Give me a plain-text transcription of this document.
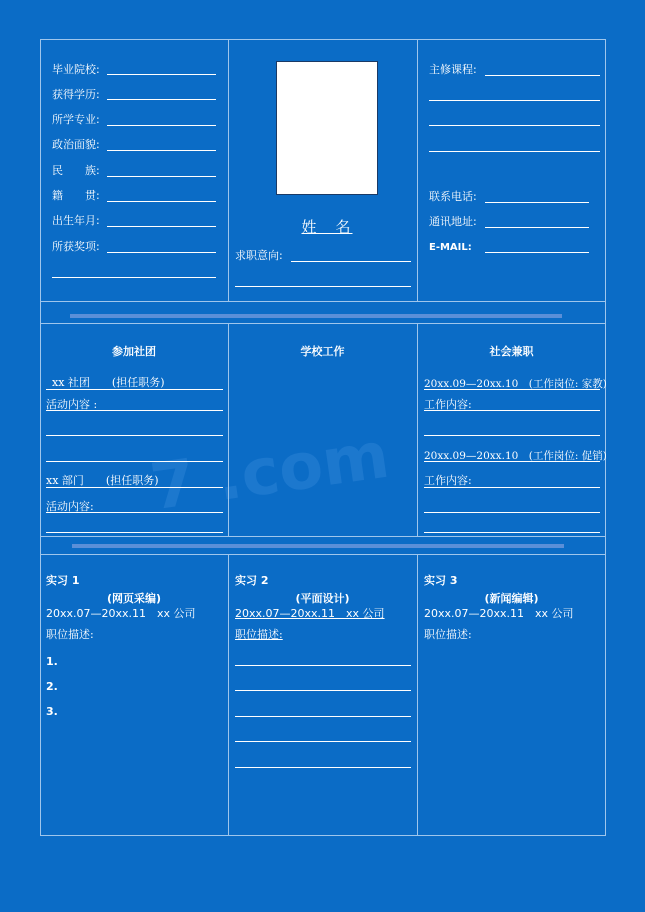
7 .com
毕业院校:
获得学历:
所学专业:
政治面貌:
民　　族:
籍　　贯:
出生年月:
所获奖项:
姓　名
求职意向:
主修课程:
联系电话:
通讯地址:
E-MAIL:
参加社团
xx 社团　　(担任职务)
活动内容 :
xx 部门　　(担任职务)
活动内容:
学校工作	社会兼职
20xx.09—20xx.10　(工作岗位: 家教)
工作内容:
20xx.09—20xx.10　(工作岗位: 促销)
工作内容:
实习 1
(网页采编)
20xx.07—20xx.11　xx 公司
职位描述:
1.
2.
3.
实习 2
(平面设计)
20xx.07—20xx.11　xx 公司
职位描述:
实习 3
(新闻编辑)
20xx.07—20xx.11　xx 公司
职位描述:
